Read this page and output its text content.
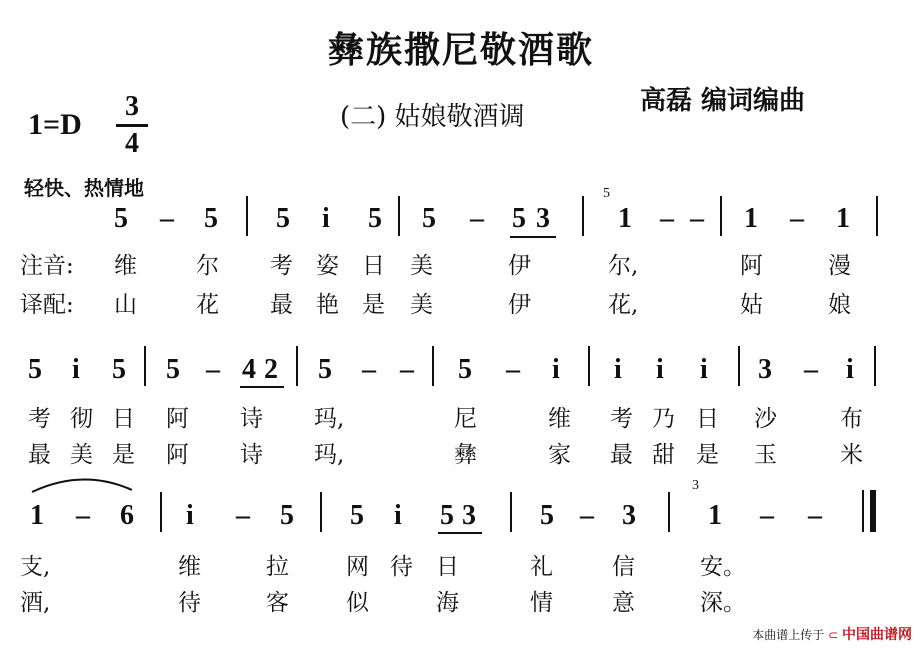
彝族撒尼敬酒歌
(二) 姑娘敬酒调
高磊 编词编曲
1=D
3
4
轻快、热情地
5 – 5 5 i 5 5 – 5 3
5
1 – – 1 – 1
注音: 维	尔 考 姿 日 美	伊	尔,	阿	漫
译配: 山	花 最 艳 是 美	伊	花,	姑	娘
5 i 5 5 – 4 2 5 – – 5 – i i i i 3 – i
考 彻 日 阿 诗 玛,	尼	维 考 乃 日 沙	布
最 美 是 阿 诗 玛,	彝	家 最 甜 是 玉	米
1 – 6 i – 5 5 i 5 3 5 – 3
3
1 – –
支,	维	拉 网 待 日	礼	信	安。
酒,	待	客 似	海	情	意	深。
本曲谱上传于 ⊂ 中国曲谱网
